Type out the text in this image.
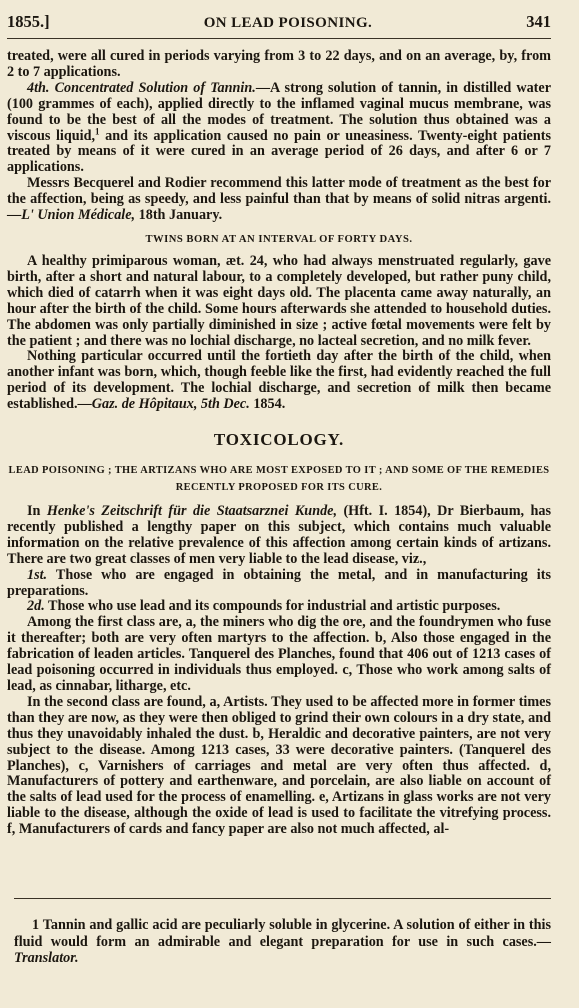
1855.]	ON LEAD POISONING.	341

treated, were all cured in periods varying from 3 to 22 days, and on an average, by, from 2 to 7 applications.

4th. Concentrated Solution of Tannin.—A strong solution of tannin, in distilled water (100 grammes of each), applied directly to the inflamed vaginal mucus membrane, was found to be the best of all the modes of treatment. The solution thus obtained was a viscous liquid,$^1$ and its application caused no pain or uneasiness. Twenty-eight patients treated by means of it were cured in an average period of 26 days, and after 6 or 7 applications.

Messrs Becquerel and Rodier recommend this latter mode of treatment as the best for the affection, being as speedy, and less painful than that by means of solid nitras argenti.—L' Union Médicale, 18th January.

TWINS BORN AT AN INTERVAL OF FORTY DAYS.

A healthy primiparous woman, æt. 24, who had always menstruated regularly, gave birth, after a short and natural labour, to a completely developed, but rather puny child, which died of catarrh when it was eight days old. The placenta came away naturally, an hour after the birth of the child. Some hours afterwards she attended to household duties. The abdomen was only partially diminished in size ; active fœtal movements were felt by the patient ; and there was no lochial discharge, no lacteal secretion, and no milk fever.

Nothing particular occurred until the fortieth day after the birth of the child, when another infant was born, which, though feeble like the first, had evidently reached the full period of its development. The lochial discharge, and secretion of milk then became established.—Gaz. de Hôpitaux, 5th Dec. 1854.

TOXICOLOGY.
LEAD POISONING ; THE ARTIZANS WHO ARE MOST EXPOSED TO IT ; AND SOME OF THE REMEDIES RECENTLY PROPOSED FOR ITS CURE.

In Henke's Zeitschrift für die Staatsarznei Kunde, (Hft. I. 1854), Dr Bierbaum, has recently published a lengthy paper on this subject, which contains much valuable information on the relative prevalence of this affection among certain kinds of artizans. There are two great classes of men very liable to the lead disease, viz.,

1st. Those who are engaged in obtaining the metal, and in manufacturing its preparations.

2d. Those who use lead and its compounds for industrial and artistic purposes.

Among the first class are, a, the miners who dig the ore, and the foundrymen who fuse it thereafter; both are very often martyrs to the affection. b, Also those engaged in the fabrication of leaden articles. Tanquerel des Planches, found that 406 out of 1213 cases of lead poisoning occurred in individuals thus employed. c, Those who work among salts of lead, as cinnabar, litharge, etc.

In the second class are found, a, Artists. They used to be affected more in former times than they are now, as they were then obliged to grind their own colours in a dry state, and thus they unavoidably inhaled the dust. b, Heraldic and decorative painters, are not very subject to the disease. Among 1213 cases, 33 were decorative painters. (Tanquerel des Planches), c, Varnishers of carriages and metal are very often thus affected. d, Manufacturers of pottery and earthenware, and porcelain, are also liable on account of the salts of lead used for the process of enamelling. e, Artizans in glass works are not very liable to the disease, although the oxide of lead is used to facilitate the vitrefying process. f, Manufacturers of cards and fancy paper are also not much affected, al-

1 Tannin and gallic acid are peculiarly soluble in glycerine. A solution of either in this fluid would form an admirable and elegant preparation for use in such cases.—Translator.
